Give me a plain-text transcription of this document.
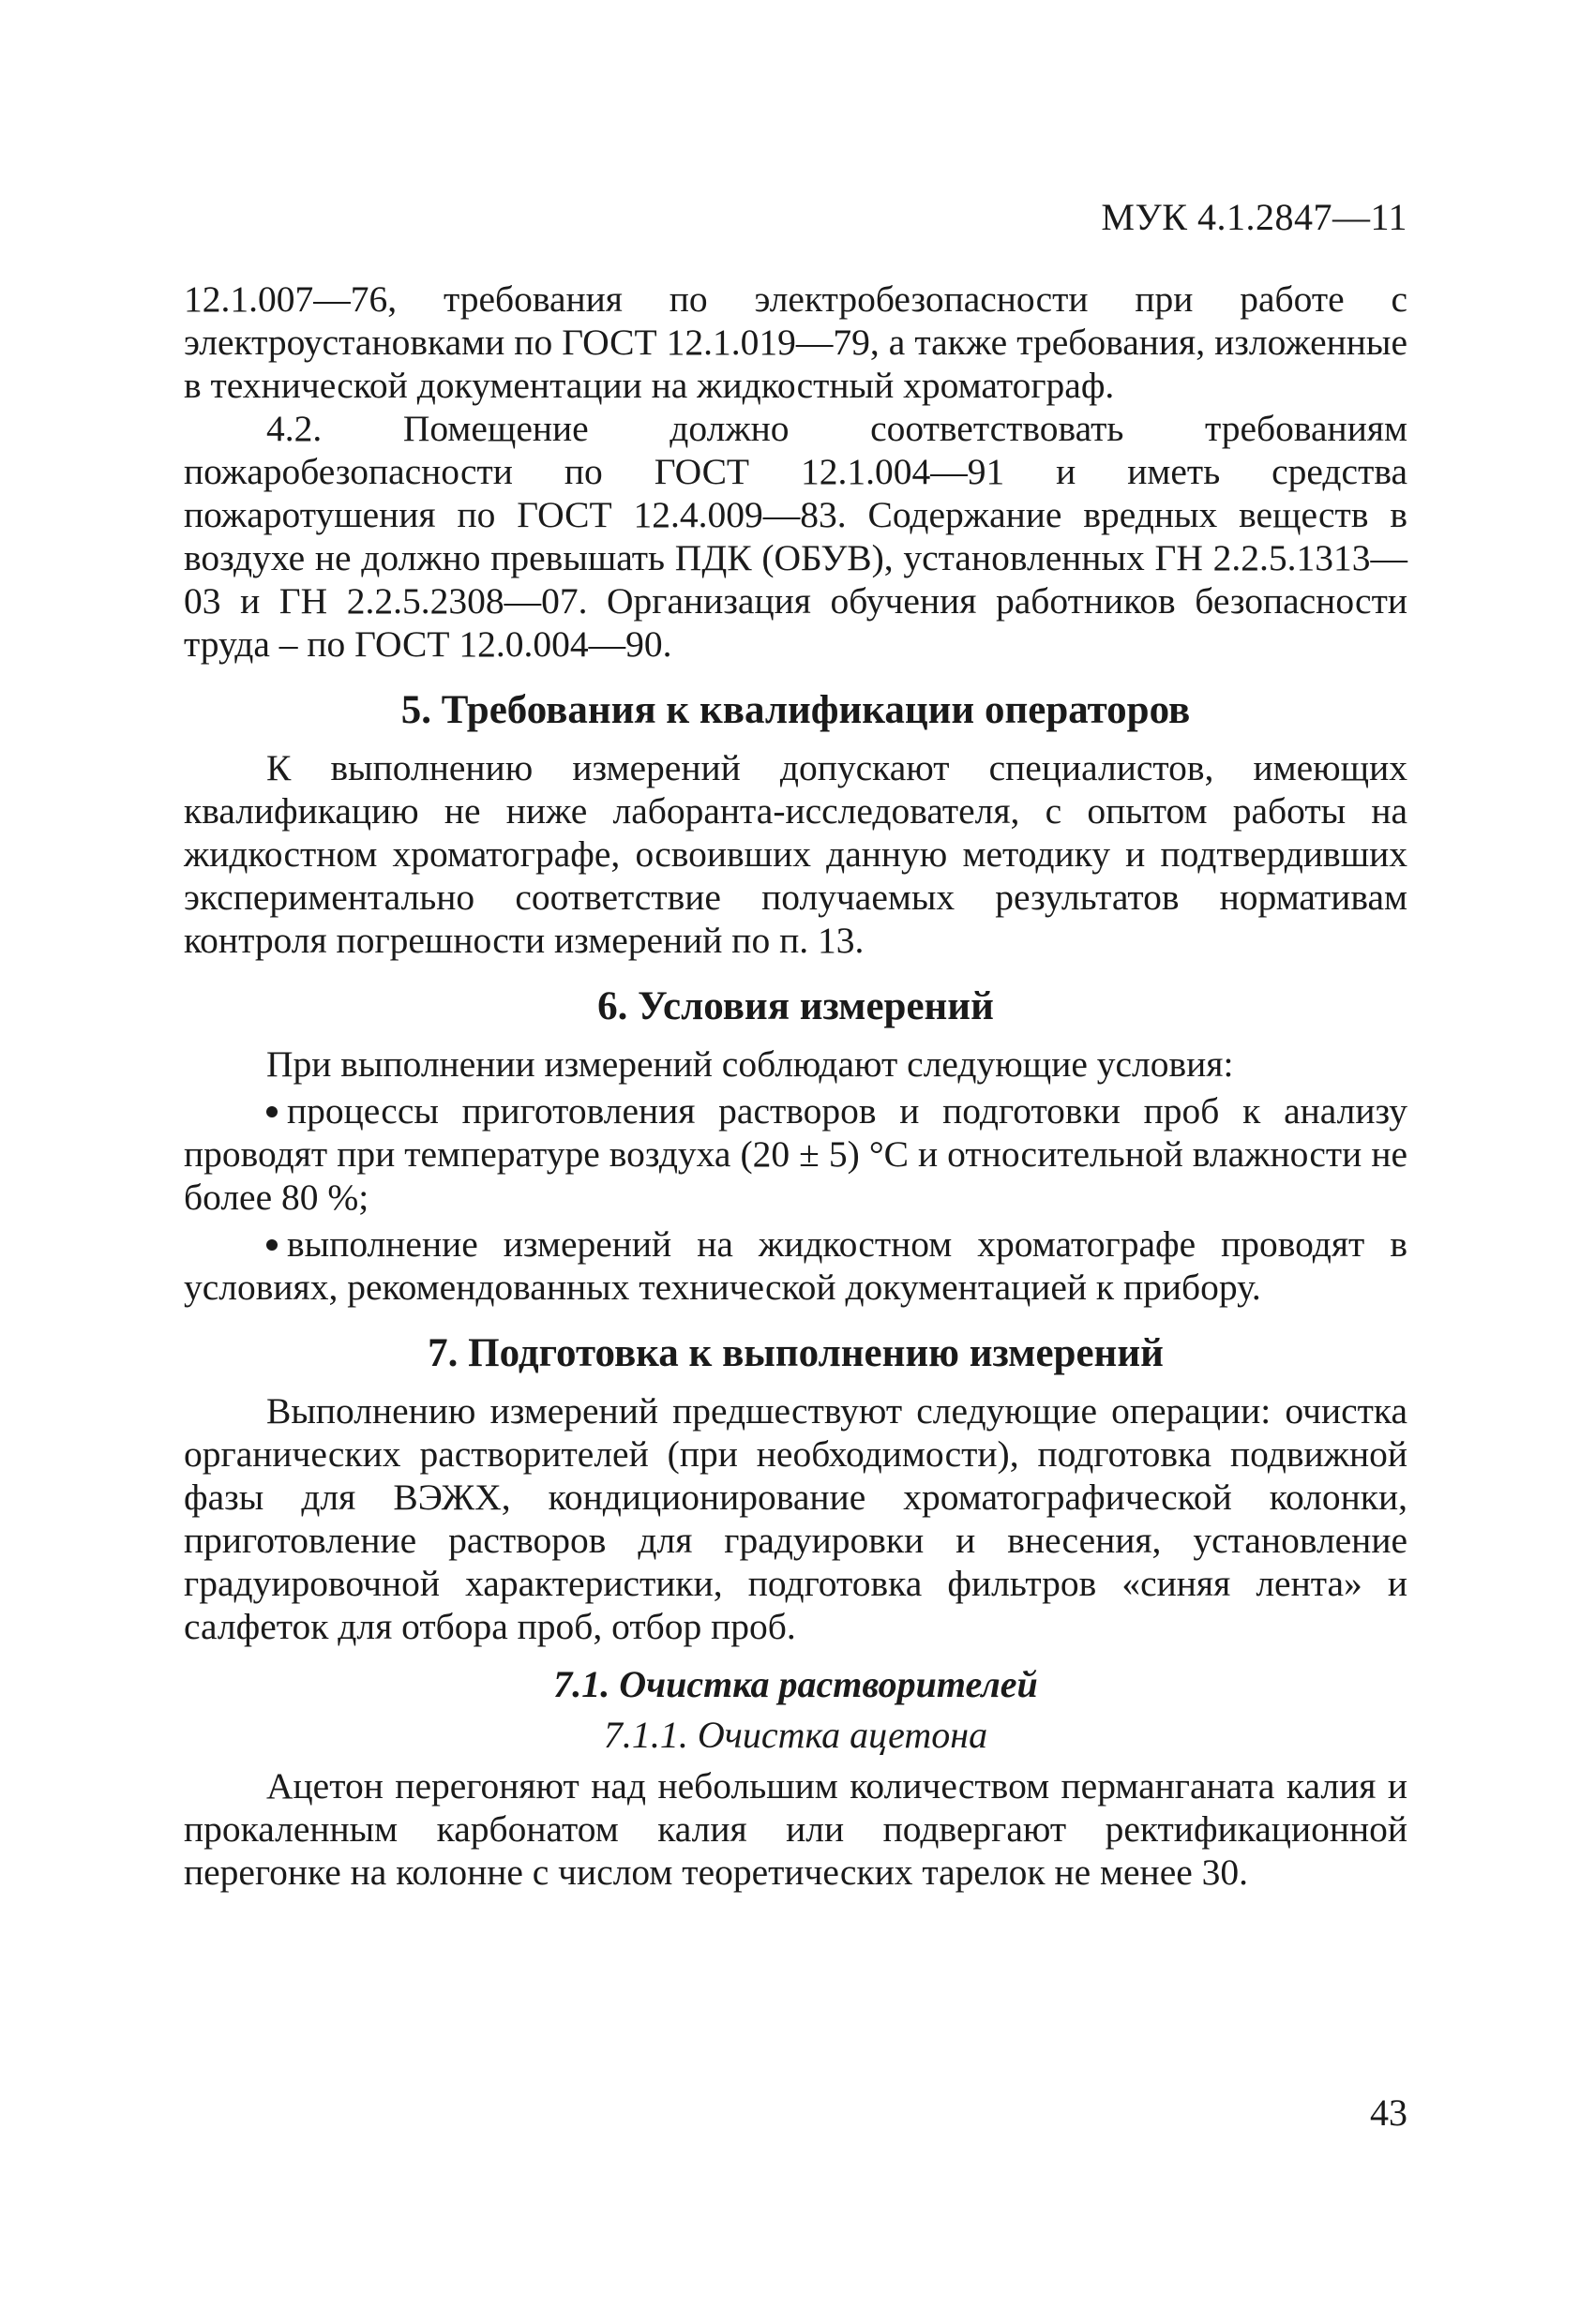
МУК 4.1.2847—11

12.1.007—76, требования по электробезопасности при работе с электроустановками по ГОСТ 12.1.019—79, а также требования, изложенные в технической документации на жидкостный хроматограф.

4.2. Помещение должно соответствовать требованиям пожаробезопасности по ГОСТ 12.1.004—91 и иметь средства пожаротушения по ГОСТ 12.4.009—83. Содержание вредных веществ в воздухе не должно превышать ПДК (ОБУВ), установленных ГН 2.2.5.1313—03 и ГН 2.2.5.2308—07. Организация обучения работников безопасности труда – по ГОСТ 12.0.004—90.

5. Требования к квалификации операторов

К выполнению измерений допускают специалистов, имеющих квалификацию не ниже лаборанта-исследователя, с опытом работы на жидкостном хроматографе, освоивших данную методику и подтвердивших экспериментально соответствие получаемых результатов нормативам контроля погрешности измерений по п. 13.

6. Условия измерений

При выполнении измерений соблюдают следующие условия:

процессы приготовления растворов и подготовки проб к анализу проводят при температуре воздуха (20 ± 5) °С и относительной влажности не более 80 %;

выполнение измерений на жидкостном хроматографе проводят в условиях, рекомендованных технической документацией к прибору.

7. Подготовка к выполнению измерений

Выполнению измерений предшествуют следующие операции: очистка органических растворителей (при необходимости), подготовка подвижной фазы для ВЭЖХ, кондиционирование хроматографической колонки, приготовление растворов для градуировки и внесения, установление градуировочной характеристики, подготовка фильтров «синяя лента» и салфеток для отбора проб, отбор проб.

7.1. Очистка растворителей
7.1.1. Очистка ацетона

Ацетон перегоняют над небольшим количеством перманганата калия и прокаленным карбонатом калия или подвергают ректификационной перегонке на колонне с числом теоретических тарелок не менее 30.

43
